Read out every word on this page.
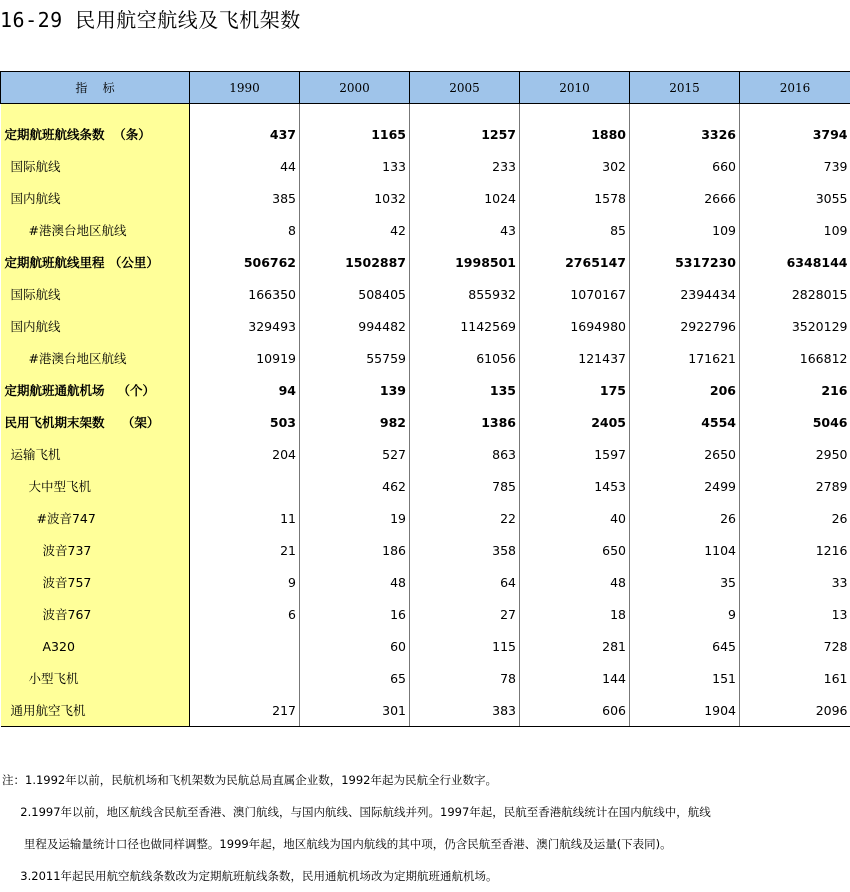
16-29 民用航空航线及飞机架数
指    标	1990	2000	2005	2010	2015	2016

定期航班航线条数  （条）	437	1165	1257	1880	3326	3794
国际航线	44	133	233	302	660	739
国内航线	385	1032	1024	1578	2666	3055
#港澳台地区航线	8	42	43	85	109	109
定期航班航线里程 （公里）	506762	1502887	1998501	2765147	5317230	6348144
国际航线	166350	508405	855932	1070167	2394434	2828015
国内航线	329493	994482	1142569	1694980	2922796	3520129
#港澳台地区航线	10919	55759	61056	121437	171621	166812
定期航班通航机场   （个）	94	139	135	175	206	216
民用飞机期末架数    （架）	503	982	1386	2405	4554	5046
运输飞机	204	527	863	1597	2650	2950
大中型飞机		462	785	1453	2499	2789
#波音747	11	19	22	40	26	26
波音737	21	186	358	650	1104	1216
波音757	9	48	64	48	35	33
波音767	6	16	27	18	9	13
A320		60	115	281	645	728
小型飞机		65	78	144	151	161
通用航空飞机	217	301	383	606	1904	2096
注：1.1992年以前，民航机场和飞机架数为民航总局直属企业数，1992年起为民航全行业数字。
2.1997年以前，地区航线含民航至香港、澳门航线，与国内航线、国际航线并列。1997年起，民航至香港航线统计在国内航线中，航线
里程及运输量统计口径也做同样调整。1999年起，地区航线为国内航线的其中项，仍含民航至香港、澳门航线及运量(下表同)。
3.2011年起民用航空航线条数改为定期航班航线条数，民用通航机场改为定期航班通航机场。
